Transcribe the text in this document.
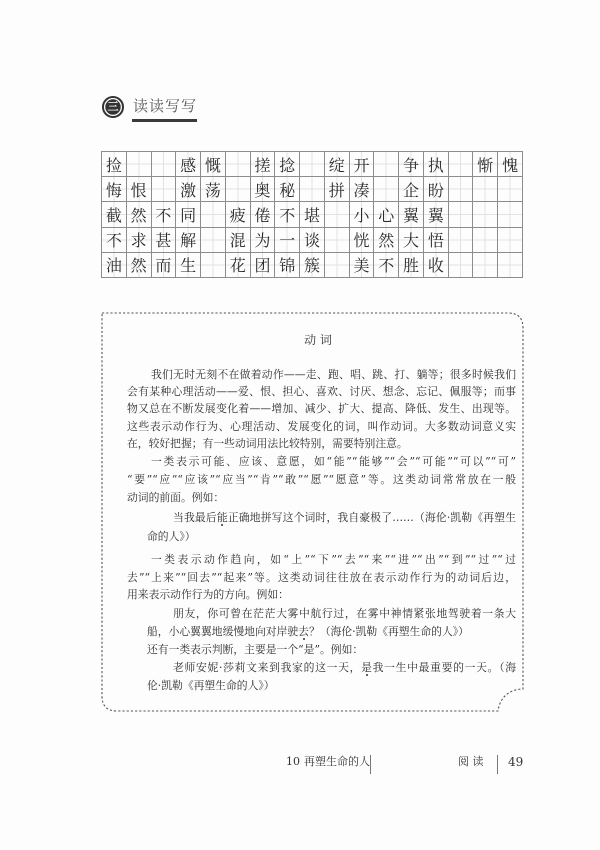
三 读读写写
捡	感 慨	搓 捻	绽 开	争 执	惭 愧
悔 恨	激 荡	奥 秘	拼 凑	企 盼
截 然 不 同	疲 倦 不 堪	小 心 翼 翼
不 求 甚 解	混 为 一 谈	恍 然 大 悟
油 然 而 生	花 团 锦 簇	美 不 胜 收
动 词
我们无时无刻不在做着动作——走、跑、唱、跳、打、躺等；很多时候我们
会有某种心理活动——爱、恨、担心、喜欢、讨厌、想念、忘记、佩服等；而事
物又总在不断发展变化着——增加、减少、扩大、提高、降低、发生、出现等。
这些表示动作行为、心理活动、发展变化的词，叫作动词。大多数动词意义实
在，较好把握；有一些动词用法比较特别，需要特别注意。
一类表示可能、应该、意愿，如“能”“能够”“会”“可能”“可以”“可”
“要”“应”“应该”“应当”“肯”“敢”“愿”“愿意”等。这类动词常常放在一般
动词的前面。例如：
当我最后能正确地拼写这个词时，我自豪极了……（海伦·凯勒《再塑生
命的人》）
一类表示动作趋向，如“上”“下”“去”“来”“进”“出”“到”“过”“过
去”“上来”“回去”“起来”等。这类动词往往放在表示动作行为的动词后边，
用来表示动作行为的方向。例如：
朋友，你可曾在茫茫大雾中航行过，在雾中神情紧张地驾驶着一条大
船，小心翼翼地缓慢地向对岸驶去？（海伦·凯勒《再塑生命的人》）
还有一类表示判断，主要是一个“是”。例如：
老师安妮·莎莉文来到我家的这一天，是我一生中最重要的一天。（海
伦·凯勒《再塑生命的人》）
10 再塑生命的人	阅 读 49
